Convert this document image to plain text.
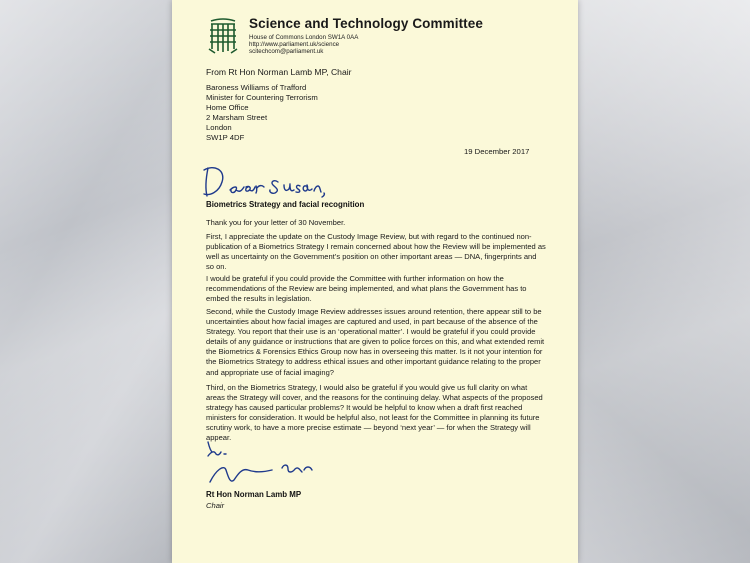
Science and Technology Committee
House of Commons London SW1A 0AA
http://www.parliament.uk/science
scitechcom@parliament.uk
From Rt Hon Norman Lamb MP, Chair
Baroness Williams of Trafford
Minister for Countering Terrorism
Home Office
2 Marsham Street
London
SW1P 4DF
19 December 2017
Biometrics Strategy and facial recognition
Thank you for your letter of 30 November.
First, I appreciate the update on the Custody Image Review, but with regard to the continued non-publication of a Biometrics Strategy I remain concerned about how the Review will be implemented as well as uncertainty on the Government’s position on other important areas — DNA, fingerprints and so on.
I would be grateful if you could provide the Committee with further information on how the recommendations of the Review are being implemented, and what plans the Government has to embed the results in legislation.
Second, while the Custody Image Review addresses issues around retention, there appear still to be uncertainties about how facial images are captured and used, in part because of the absence of the Strategy. You report that their use is an ‘operational matter’. I would be grateful if you could provide details of any guidance or instructions that are given to police forces on this, and what extended remit the Biometrics & Forensics Ethics Group now has in overseeing this matter. Is it not your intention for the Biometrics Strategy to address ethical issues and other important guidance relating to the proper and appropriate use of facial imaging?
Third, on the Biometrics Strategy, I would also be grateful if you would give us full clarity on what areas the Strategy will cover, and the reasons for the continuing delay. What aspects of the proposed strategy has caused particular problems? It would be helpful to know when a draft first reached ministers for consideration. It would be helpful also, not least for the Committee in planning its future scrutiny work, to have a more precise estimate — beyond ‘next year’ — for when the Strategy will appear.
Rt Hon Norman Lamb MP
Chair
